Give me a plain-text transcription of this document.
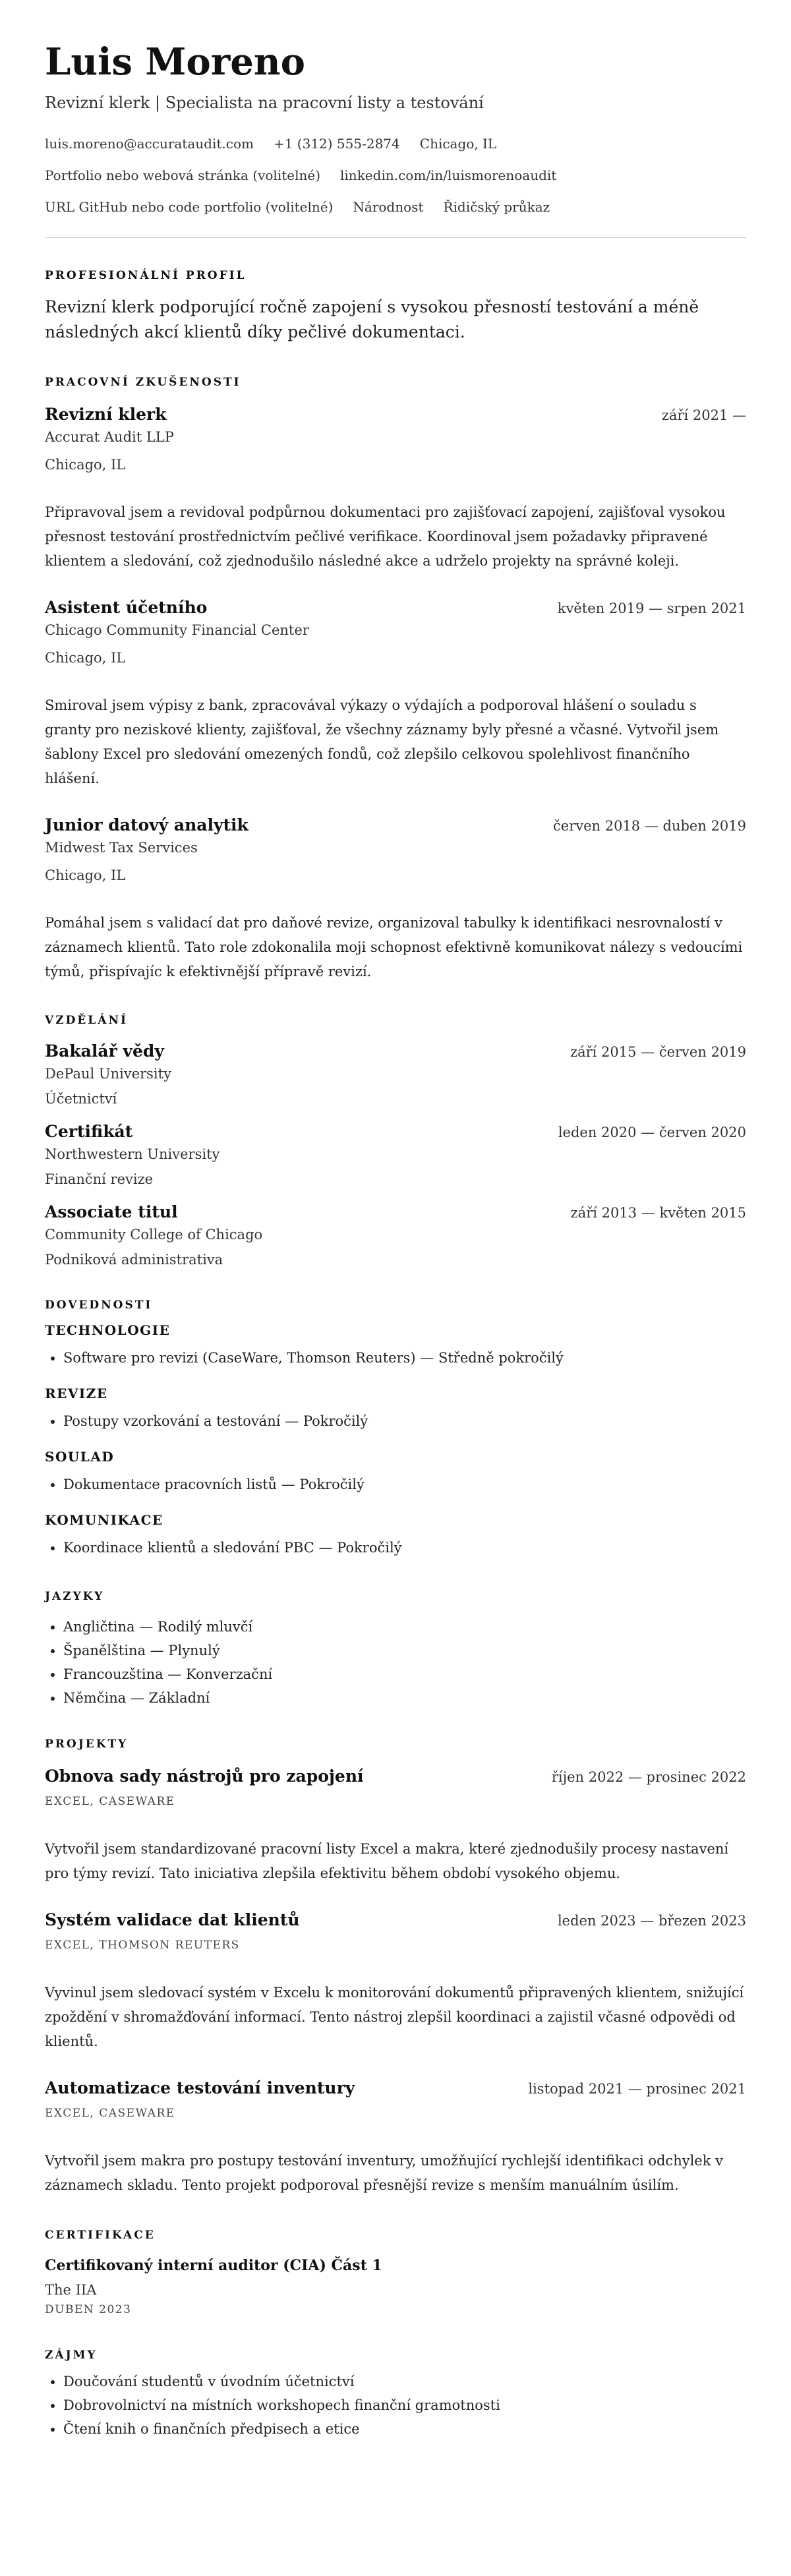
Luis Moreno
Revizní klerk | Specialista na pracovní listy a testování
luis.moreno@accurataudit.com +1 (312) 555-2874 Chicago, IL
Portfolio nebo webová stránka (volitelné) linkedin.com/in/luismorenoaudit
URL GitHub nebo code portfolio (volitelné) Národnost Řidičský průkaz
PROFESIONÁLNÍ PROFIL
Revizní klerk podporující ročně zapojení s vysokou přesností testování a méně následných akcí klientů díky pečlivé dokumentaci.
PRACOVNÍ ZKUŠENOSTI
Revizní klerk	září 2021 —
Accurat Audit LLP
Chicago, IL
Připravoval jsem a revidoval podpůrnou dokumentaci pro zajišťovací zapojení, zajišťoval vysokou přesnost testování prostřednictvím pečlivé verifikace. Koordinoval jsem požadavky připravené klientem a sledování, což zjednodušilo následné akce a udrželo projekty na správné koleji.
Asistent účetního	květen 2019 — srpen 2021
Chicago Community Financial Center
Chicago, IL
Smiroval jsem výpisy z bank, zpracovával výkazy o výdajích a podporoval hlášení o souladu s granty pro neziskové klienty, zajišťoval, že všechny záznamy byly přesné a včasné. Vytvořil jsem šablony Excel pro sledování omezených fondů, což zlepšilo celkovou spolehlivost finančního hlášení.
Junior datový analytik	červen 2018 — duben 2019
Midwest Tax Services
Chicago, IL
Pomáhal jsem s validací dat pro daňové revize, organizoval tabulky k identifikaci nesrovnalostí v záznamech klientů. Tato role zdokonalila moji schopnost efektivně komunikovat nálezy s vedoucími týmů, přispívajíc k efektivnější přípravě revizí.
VZDĚLÁNÍ
Bakalář vědy	září 2015 — červen 2019
DePaul University
Účetnictví
Certifikát	leden 2020 — červen 2020
Northwestern University
Finanční revize
Associate titul	září 2013 — květen 2015
Community College of Chicago
Podniková administrativa
DOVEDNOSTI
TECHNOLOGIE
• Software pro revizi (CaseWare, Thomson Reuters) — Středně pokročilý
REVIZE
• Postupy vzorkování a testování — Pokročilý
SOULAD
• Dokumentace pracovních listů — Pokročilý
KOMUNIKACE
• Koordinace klientů a sledování PBC — Pokročilý
JAZYKY
• Angličtina — Rodilý mluvčí
• Španělština — Plynulý
• Francouzština — Konverzační
• Němčina — Základní
PROJEKTY
Obnova sady nástrojů pro zapojení	říjen 2022 — prosinec 2022
EXCEL, CASEWARE
Vytvořil jsem standardizované pracovní listy Excel a makra, které zjednodušily procesy nastavení pro týmy revizí. Tato iniciativa zlepšila efektivitu během období vysokého objemu.
Systém validace dat klientů	leden 2023 — březen 2023
EXCEL, THOMSON REUTERS
Vyvinul jsem sledovací systém v Excelu k monitorování dokumentů připravených klientem, snižující zpoždění v shromažďování informací. Tento nástroj zlepšil koordinaci a zajistil včasné odpovědi od klientů.
Automatizace testování inventury	listopad 2021 — prosinec 2021
EXCEL, CASEWARE
Vytvořil jsem makra pro postupy testování inventury, umožňující rychlejší identifikaci odchylek v záznamech skladu. Tento projekt podporoval přesnější revize s menším manuálním úsilím.
CERTIFIKACE
Certifikovaný interní auditor (CIA) Část 1
The IIA
DUBEN 2023
ZÁJMY
• Doučování studentů v úvodním účetnictví
• Dobrovolnictví na místních workshopech finanční gramotnosti
• Čtení knih o finančních předpisech a etice
